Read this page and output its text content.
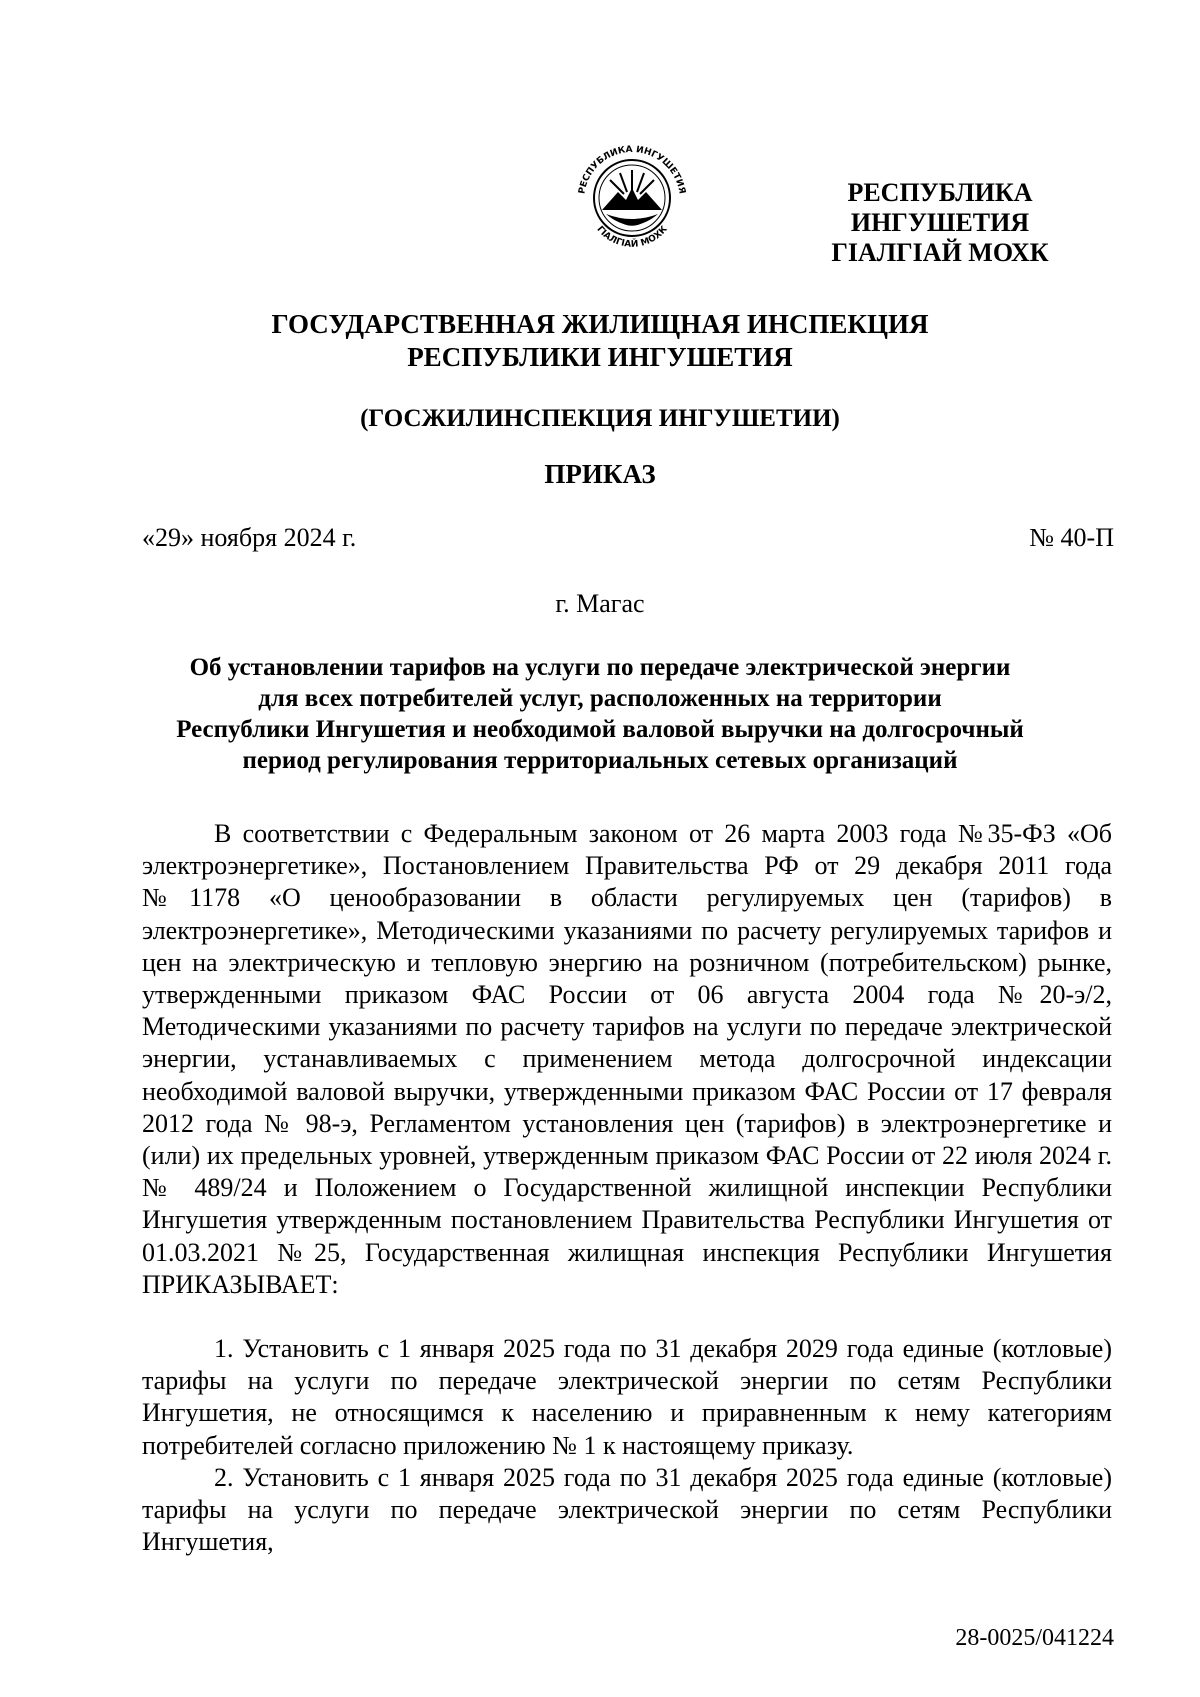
РЕСПУБЛИКА ИНГУШЕТИЯ
ГІАЛГІАЙ МОХК
РЕСПУБЛИКА ИНГУШЕТИЯ
ГIАЛГIАЙ МОХК
ГОСУДАРСТВЕННАЯ ЖИЛИЩНАЯ ИНСПЕКЦИЯ
РЕСПУБЛИКИ ИНГУШЕТИЯ
(ГОСЖИЛИНСПЕКЦИЯ ИНГУШЕТИИ)
ПРИКАЗ
«29» ноября 2024 г.	№ 40-П
г. Магас
Об установлении тарифов на услуги по передаче электрической энергии
для всех потребителей услуг, расположенных на территории
Республики Ингушетия и необходимой валовой выручки на долгосрочный
период регулирования территориальных сетевых организаций

В соответствии с Федеральным законом от 26 марта 2003 года №35-ФЗ «Об электроэнергетике», Постановлением Правительства РФ от 29 декабря 2011 года №1178 «О ценообразовании в области регулируемых цен (тарифов) в электроэнергетике», Методическими указаниями по расчету регулируемых тарифов и цен на электрическую и тепловую энергию на розничном (потребительском) рынке, утвержденными приказом ФАС России от 06 августа 2004 года №20-э/2, Методическими указаниями по расчету тарифов на услуги по передаче электрической энергии, устанавливаемых с применением метода долгосрочной индексации необходимой валовой выручки, утвержденными приказом ФАС России от 17 февраля 2012 года № 98-э, Регламентом установления цен (тарифов) в электроэнергетике и (или) их предельных уровней, утвержденным приказом ФАС России от 22 июля 2024 г. № 489/24 и Положением о Государственной жилищной инспекции Республики Ингушетия утвержденным постановлением Правительства Республики Ингушетия от 01.03.2021 №25, Государственная жилищная инспекция Республики Ингушетия ПРИКАЗЫВАЕТ:

1. Установить с 1 января 2025 года по 31 декабря 2029 года единые (котловые) тарифы на услуги по передаче электрической энергии по сетям Республики Ингушетия, не относящимся к населению и приравненным к нему категориям потребителей согласно приложению № 1 к настоящему приказу.

2. Установить с 1 января 2025 года по 31 декабря 2025 года единые (котловые) тарифы на услуги по передаче электрической энергии по сетям Республики Ингушетия,

28-0025/041224
